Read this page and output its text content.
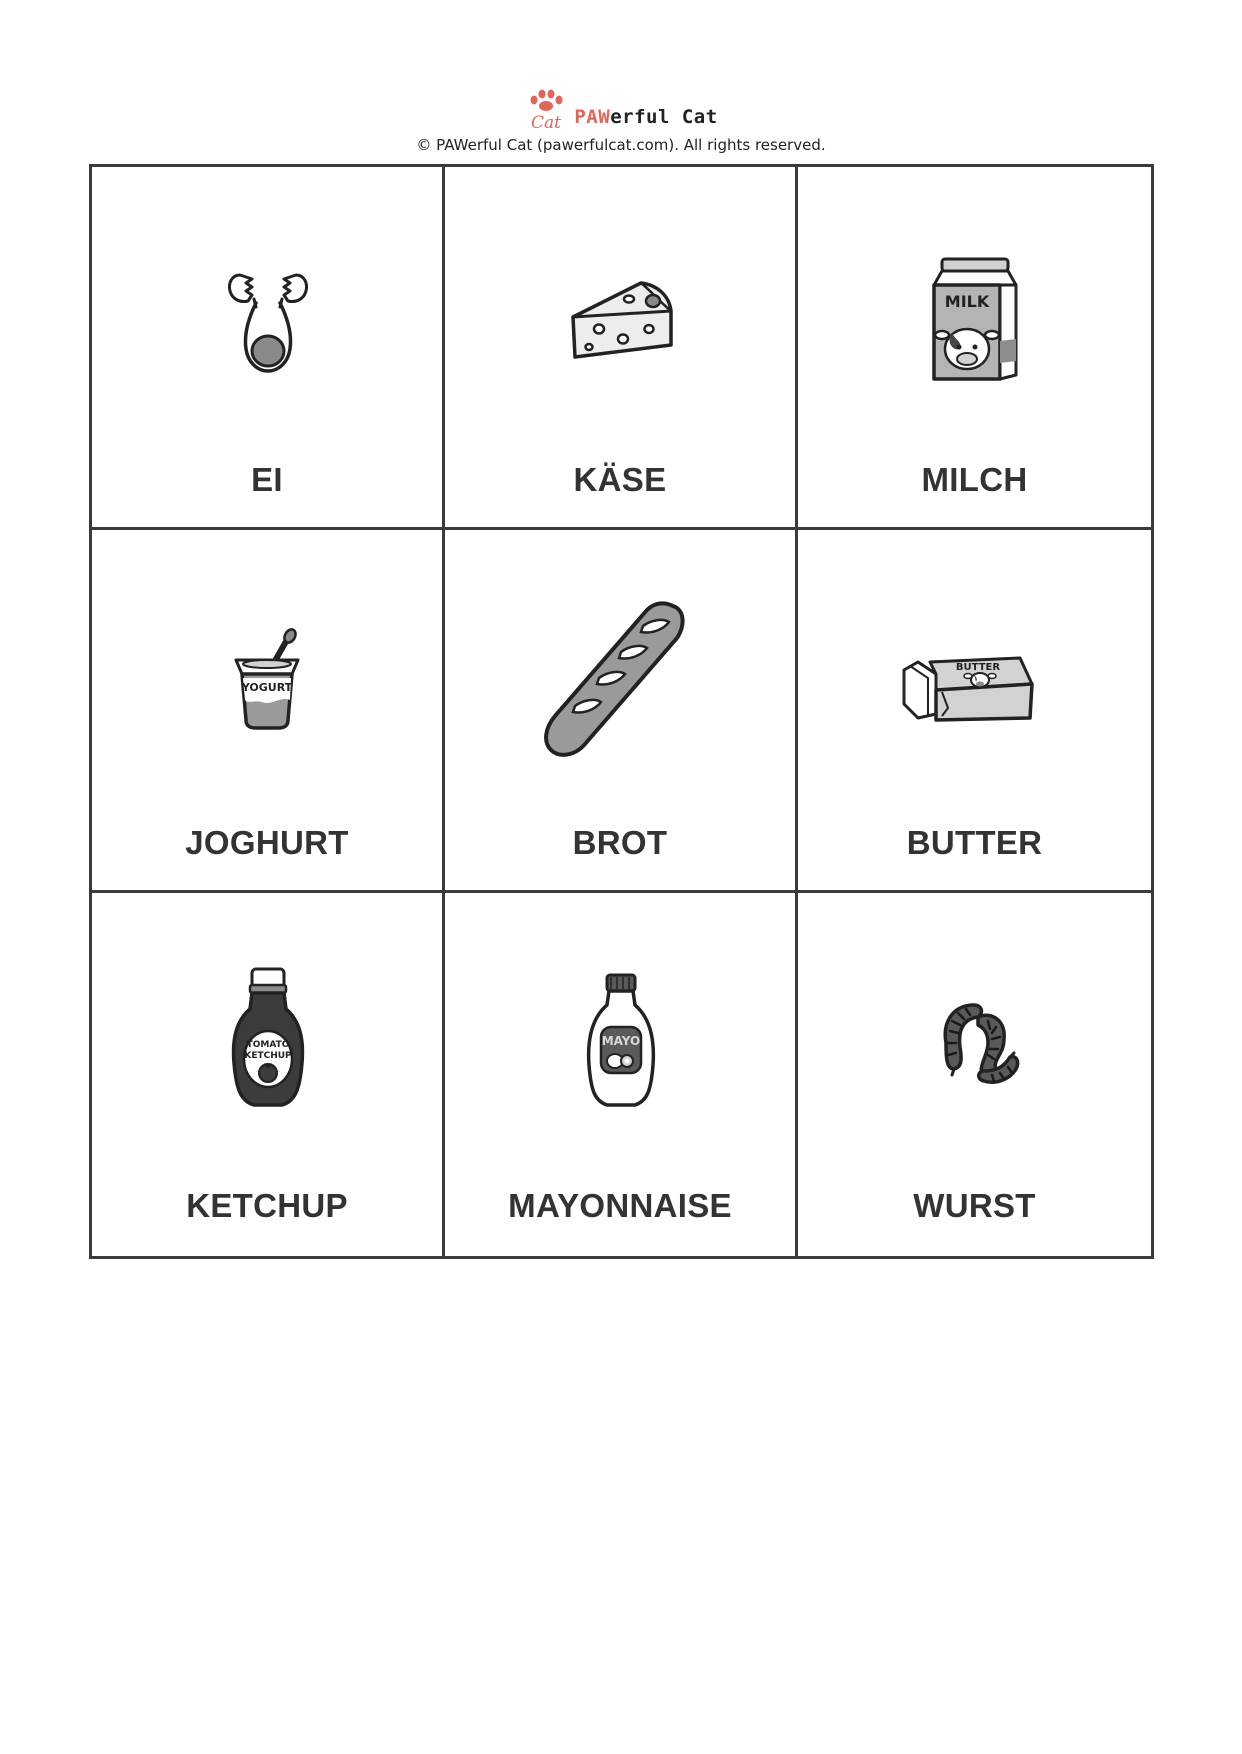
Cat PAWerful Cat
© PAWerful Cat (pawerfulcat.com). All rights reserved.
EI	KÄSE
MILK
MILCH
YOGURT
JOGHURT	BROT
BUTTER
BUTTER
TOMATO
KETCHUP
KETCHUP
MAYO
MAYONNAISE	WURST
